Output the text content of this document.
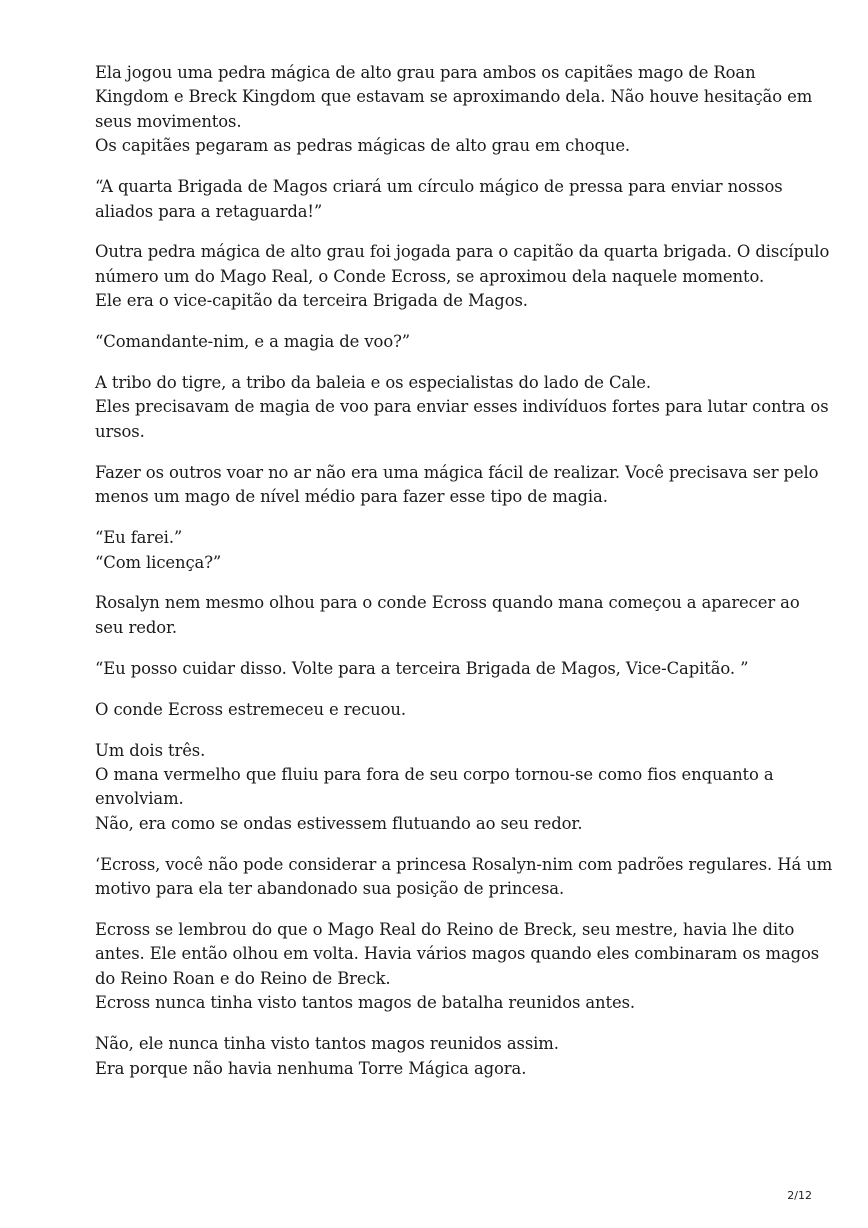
Ela jogou uma pedra mágica de alto grau para ambos os capitães mago de Roan
Kingdom e Breck Kingdom que estavam se aproximando dela. Não houve hesitação em
seus movimentos.
Os capitães pegaram as pedras mágicas de alto grau em choque.

“A quarta Brigada de Magos criará um círculo mágico de pressa para enviar nossos
aliados para a retaguarda!”

Outra pedra mágica de alto grau foi jogada para o capitão da quarta brigada. O discípulo
número um do Mago Real, o Conde Ecross, se aproximou dela naquele momento.
Ele era o vice-capitão da terceira Brigada de Magos.

“Comandante-nim, e a magia de voo?”

A tribo do tigre, a tribo da baleia e os especialistas do lado de Cale.
Eles precisavam de magia de voo para enviar esses indivíduos fortes para lutar contra os
ursos.

Fazer os outros voar no ar não era uma mágica fácil de realizar. Você precisava ser pelo
menos um mago de nível médio para fazer esse tipo de magia.

“Eu farei.”
“Com licença?”

Rosalyn nem mesmo olhou para o conde Ecross quando mana começou a aparecer ao
seu redor.

“Eu posso cuidar disso. Volte para a terceira Brigada de Magos, Vice-Capitão. ”

O conde Ecross estremeceu e recuou.

Um dois três.
O mana vermelho que fluiu para fora de seu corpo tornou-se como fios enquanto a
envolviam.
Não, era como se ondas estivessem flutuando ao seu redor.

‘Ecross, você não pode considerar a princesa Rosalyn-nim com padrões regulares. Há um
motivo para ela ter abandonado sua posição de princesa.

Ecross se lembrou do que o Mago Real do Reino de Breck, seu mestre, havia lhe dito
antes. Ele então olhou em volta. Havia vários magos quando eles combinaram os magos
do Reino Roan e do Reino de Breck.
Ecross nunca tinha visto tantos magos de batalha reunidos antes.

Não, ele nunca tinha visto tantos magos reunidos assim.
Era porque não havia nenhuma Torre Mágica agora.

2/12
